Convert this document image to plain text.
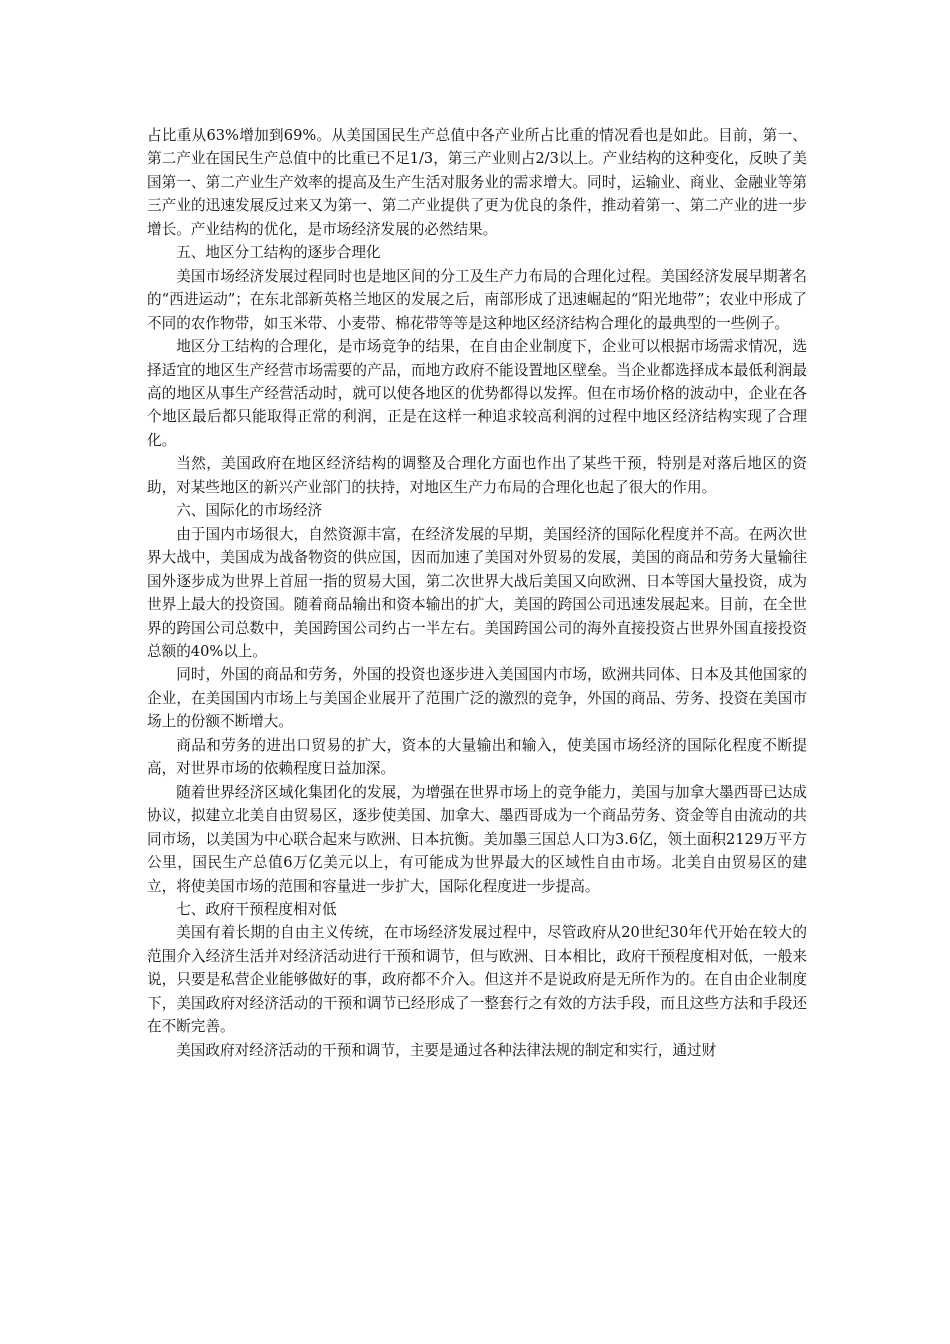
占比重从63%增加到69%。从美国国民生产总值中各产业所占比重的情况看也是如此。目前，第一、第二产业在国民生产总值中的比重已不足1/3，第三产业则占2/3以上。产业结构的这种变化，反映了美国第一、第二产业生产效率的提高及生产生活对服务业的需求增大。同时，运输业、商业、金融业等第三产业的迅速发展反过来又为第一、第二产业提供了更为优良的条件，推动着第一、第二产业的进一步增长。产业结构的优化，是市场经济发展的必然结果。

五、地区分工结构的逐步合理化

美国市场经济发展过程同时也是地区间的分工及生产力布局的合理化过程。美国经济发展早期著名的“西进运动”；在东北部新英格兰地区的发展之后，南部形成了迅速崛起的“阳光地带”；农业中形成了不同的农作物带，如玉米带、小麦带、棉花带等等是这种地区经济结构合理化的最典型的一些例子。

地区分工结构的合理化，是市场竞争的结果，在自由企业制度下，企业可以根据市场需求情况，选择适宜的地区生产经营市场需要的产品，而地方政府不能设置地区壁垒。当企业都选择成本最低利润最高的地区从事生产经营活动时，就可以使各地区的优势都得以发挥。但在市场价格的波动中，企业在各个地区最后都只能取得正常的利润，正是在这样一种追求较高利润的过程中地区经济结构实现了合理化。

当然，美国政府在地区经济结构的调整及合理化方面也作出了某些干预，特别是对落后地区的资助，对某些地区的新兴产业部门的扶持，对地区生产力布局的合理化也起了很大的作用。

六、国际化的市场经济

由于国内市场很大，自然资源丰富，在经济发展的早期，美国经济的国际化程度并不高。在两次世界大战中，美国成为战备物资的供应国，因而加速了美国对外贸易的发展，美国的商品和劳务大量输往国外逐步成为世界上首屈一指的贸易大国，第二次世界大战后美国又向欧洲、日本等国大量投资，成为世界上最大的投资国。随着商品输出和资本输出的扩大，美国的跨国公司迅速发展起来。目前，在全世界的跨国公司总数中，美国跨国公司约占一半左右。美国跨国公司的海外直接投资占世界外国直接投资总额的40%以上。

同时，外国的商品和劳务，外国的投资也逐步进入美国国内市场，欧洲共同体、日本及其他国家的企业，在美国国内市场上与美国企业展开了范围广泛的激烈的竞争，外国的商品、劳务、投资在美国市场上的份额不断增大。

商品和劳务的进出口贸易的扩大，资本的大量输出和输入，使美国市场经济的国际化程度不断提高，对世界市场的依赖程度日益加深。

随着世界经济区域化集团化的发展，为增强在世界市场上的竞争能力，美国与加拿大墨西哥已达成协议，拟建立北美自由贸易区，逐步使美国、加拿大、墨西哥成为一个商品劳务、资金等自由流动的共同市场，以美国为中心联合起来与欧洲、日本抗衡。美加墨三国总人口为3.6亿，领土面积2129万平方公里，国民生产总值6万亿美元以上，有可能成为世界最大的区域性自由市场。北美自由贸易区的建立，将使美国市场的范围和容量进一步扩大，国际化程度进一步提高。

七、政府干预程度相对低

美国有着长期的自由主义传统，在市场经济发展过程中，尽管政府从20世纪30年代开始在较大的范围介入经济生活并对经济活动进行干预和调节，但与欧洲、日本相比，政府干预程度相对低，一般来说，只要是私营企业能够做好的事，政府都不介入。但这并不是说政府是无所作为的。在自由企业制度下，美国政府对经济活动的干预和调节已经形成了一整套行之有效的方法手段，而且这些方法和手段还在不断完善。

美国政府对经济活动的干预和调节，主要是通过各种法律法规的制定和实行，通过财
